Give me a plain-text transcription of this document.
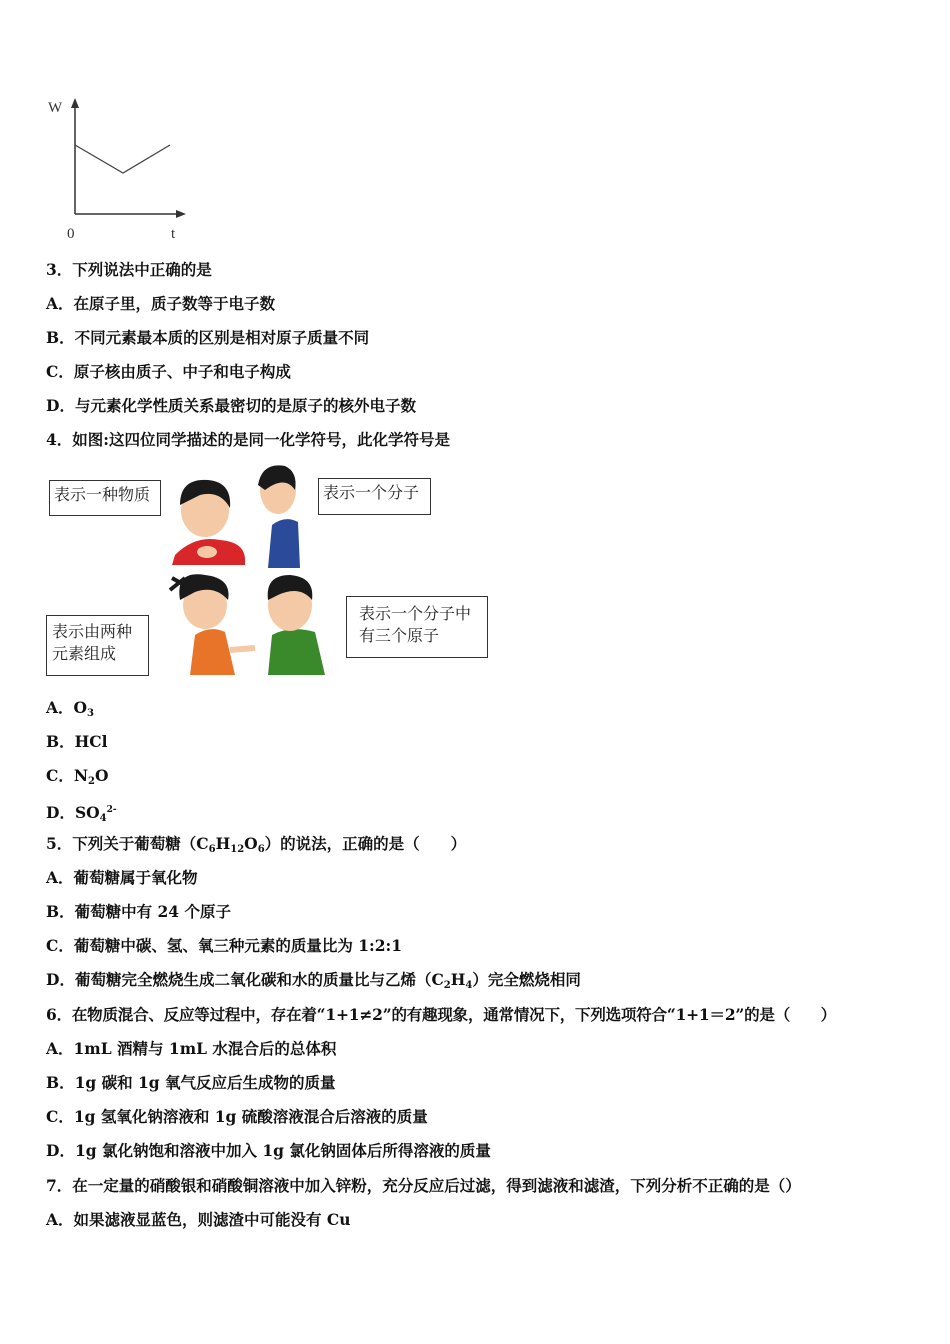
W
0	t
3．下列说法中正确的是
A．在原子里，质子数等于电子数
B．不同元素最本质的区别是相对原子质量不同
C．原子核由质子、中子和电子构成
D．与元素化学性质关系最密切的是原子的核外电子数
4．如图:这四位同学描述的是同一化学符号，此化学符号是
表示一种物质	表示一个分子
表示由两种元素组成
表示一个分子中有三个原子
A．$O_3$
B．HCl
C．$N_2O$
D．$SO_4^{2-}$
5．下列关于葡萄糖$(C_6H_{12}O_6)$的说法，正确的是（　　）
A．葡萄糖属于氧化物
B．葡萄糖中有 24 个原子
C．葡萄糖中碳、氢、氧三种元素的质量比为 1:2:1
D．葡萄糖完全燃烧生成二氧化碳和水的质量比与乙烯$(C_2H_4)$完全燃烧相同
6．在物质混合、反应等过程中，存在着“1+1≠2”的有趣现象，通常情况下，下列选项符合“1+1＝2”的是（　　）
A．1mL 酒精与 1mL 水混合后的总体积
B．1g 碳和 1g 氧气反应后生成物的质量
C．1g 氢氧化钠溶液和 1g 硫酸溶液混合后溶液的质量
D．1g 氯化钠饱和溶液中加入 1g 氯化钠固体后所得溶液的质量
7．在一定量的硝酸银和硝酸铜溶液中加入锌粉，充分反应后过滤，得到滤液和滤渣，下列分析不正确的是（）
A．如果滤液显蓝色，则滤渣中可能没有 Cu
